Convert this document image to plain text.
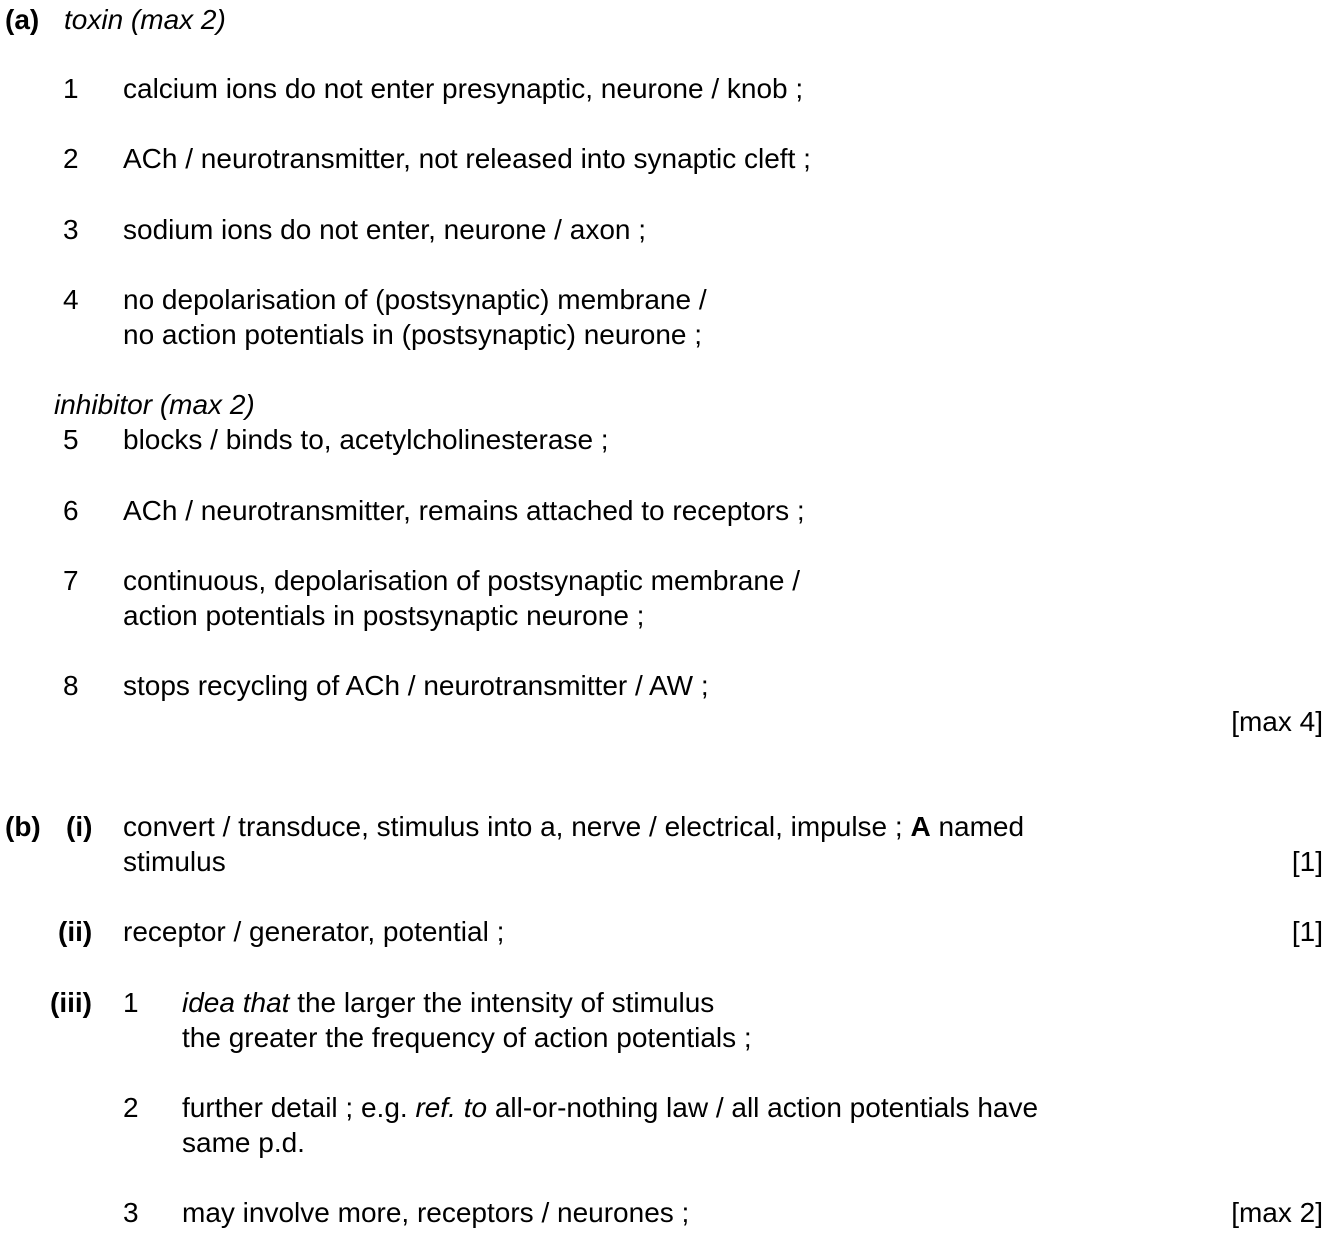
(a) toxin (max 2)
1 calcium ions do not enter presynaptic, neurone / knob ;
2 ACh / neurotransmitter, not released into synaptic cleft ;
3 sodium ions do not enter, neurone / axon ;
4 no depolarisation of (postsynaptic) membrane /
no action potentials in (postsynaptic) neurone ;
inhibitor (max 2)
5 blocks / binds to, acetylcholinesterase ;
6 ACh / neurotransmitter, remains attached to receptors ;
7 continuous, depolarisation of postsynaptic membrane /
action potentials in postsynaptic neurone ;
8 stops recycling of ACh / neurotransmitter / AW ;
[max 4]
(b) (i) convert / transduce, stimulus into a, nerve / electrical, impulse ; A named
stimulus	[1]
(ii) receptor / generator, potential ;	[1]
(iii) 1 idea that the larger the intensity of stimulus
the greater the frequency of action potentials ;
2 further detail ; e.g. ref. to all-or-nothing law / all action potentials have
same p.d.
3 may involve more, receptors / neurones ;	[max 2]
